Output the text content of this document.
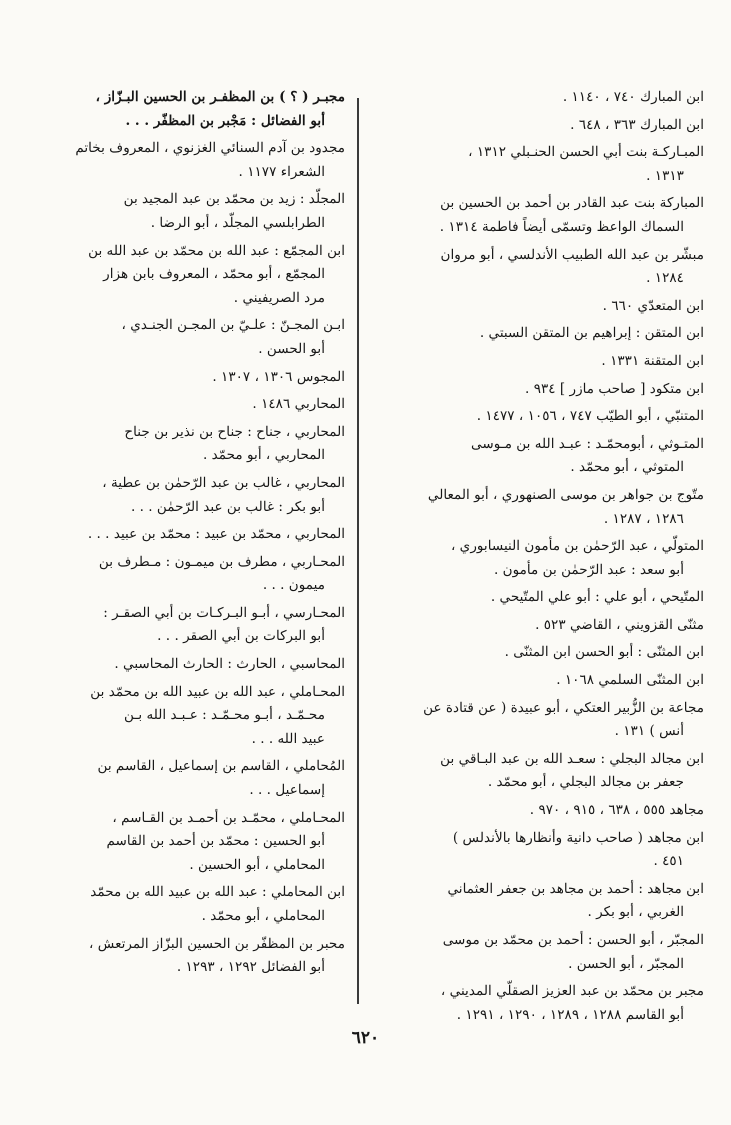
ابن المبارك ٧٤٠ ، ١١٤٠ .
ابن المبارك ٣٦٣ ، ٦٤٨ .
المبـاركـة بنت أبي الحسن الحنـبلي ١٣١٢ ،
١٣١٣ .
المباركة بنت عبد القادر بن أحمد بن الحسين بن
السماك الواعظ وتسمّى أيضاً فاطمة ١٣١٤ .
مبشّر بن عبد الله الطبيب الأندلسي ، أبو مروان
١٢٨٤ .
ابن المتعدّي ٦٦٠ .
ابن المتقن : إبراهيم بن المتقن السبتي .
ابن المتقنة ١٣٣١ .
ابن متكود [ صاحب مازر ] ٩٣٤ .
المتنبّي ، أبو الطيّب ٧٤٧ ، ١٠٥٦ ، ١٤٧٧ .
المتـوثي ، أبومحمّـد : عبـد الله بن مـوسى
المتوثي ، أبو محمّد .
متّوج بن جواهر بن موسى الصنهوري ، أبو المعالي
١٢٨٦ ، ١٢٨٧ .
المتولّي ، عبد الرّحمٰن بن مأمون النيسابوري ،
أبو سعد : عبد الرّحمٰن بن مأمون .
المتّيحي ، أبو علي : أبو علي المتّيحي .
مثنّى القزويني ، القاضي ٥٢٣ .
ابن المثنّى : أبو الحسن ابن المثنّى .
ابن المثنّى السلمي ١٠٦٨ .
مجاعة بن الزُّبير العتكي ، أبو عبيدة ( عن قتادة عن
أنس ) ١٣١ .
ابن مجالد البجلي : سعـد الله بن عبد البـاقي بن
جعفر بن مجالد البجلي ، أبو محمّد .
مجاهد ٥٥٥ ، ٦٣٨ ، ٩١٥ ، ٩٧٠ .
ابن مجاهد ( صاحب دانية وأنظارها بالأندلس )
٤٥١ .
ابن مجاهد : أحمد بن مجاهد بن جعفر العثماني
الغربي ، أبو بكر .
المجبّر ، أبو الحسن : أحمد بن محمّد بن موسى
المجبّر ، أبو الحسن .
مجبر بن محمّد بن عبد العزيز الصقلّي المديني ،
أبو القاسم ١٢٨٨ ، ١٢٨٩ ، ١٢٩٠ ، ١٢٩١ .
مجبـر ( ؟ ) بن المظفـر بن الحسين البـزّاز ،
أبو الفضائل : مَجْبر بن المظفّر . . .
مجدود بن آدم السنائي الغزنوي ، المعروف بخاتم
الشعراء ١١٧٧ .
المجلّد : زيد بن محمّد بن عبد المجيد بن
الطرابلسي المجلّد ، أبو الرضا .
ابن المجمّع : عبد الله بن محمّد بن عبد الله بن
المجمّع ، أبو محمّد ، المعروف بابن هزار
مرد الصريفيني .
ابـن المجـنّ : علـيّ بن المجـن الجنـدي ،
أبو الحسن .
المجوس ١٣٠٦ ، ١٣٠٧ .
المحاربي ١٤٨٦ .
المحاربي ، جناح : جناح بن نذير بن جناح
المحاربي ، أبو محمّد .
المحاربي ، غالب بن عبد الرّحمٰن بن عطية ،
أبو بكر : غالب بن عبد الرّحمٰن . . .
المحاربي ، محمّد بن عبيد : محمّد بن عبيد . . .
المحـاربي ، مطرف بن ميمـون : مـطرف بن
ميمون . . .
المحـارسي ، أبـو البـركـات بن أبي الصقـر :
أبو البركات بن أبي الصقر . . .
المحاسبي ، الحارث : الحارث المحاسبي .
المحـاملي ، عبد الله بن عبيد الله بن محمّد بن
محـمّـد ، أبـو محـمّـد : عـبـد الله بـن
عبيد الله . . .
المُحاملي ، القاسم بن إسماعيل ، القاسم بن
إسماعيل . . .
المحـاملي ، محمّـد بن أحمـد بن القـاسم ،
أبو الحسين : محمّد بن أحمد بن القاسم
المحاملي ، أبو الحسين .
ابن المحاملي : عبد الله بن عبيد الله بن محمّد
المحاملي ، أبو محمّد .
محبر بن المظفّر بن الحسين البزّاز المرتعش ،
أبو الفضائل ١٢٩٢ ، ١٢٩٣ .
٦٢٠
